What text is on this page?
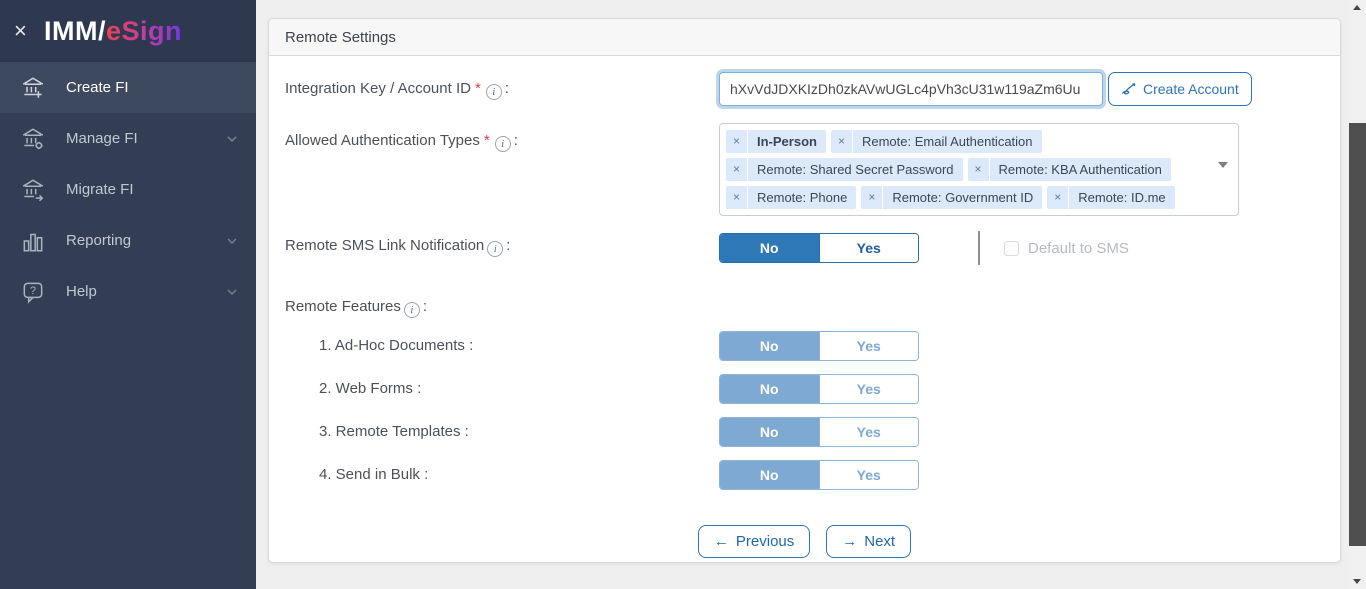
× IMM/eSign
Create FI
Manage FI
Migrate FI
Reporting
? Help
Remote Settings
Integration Key / Account ID * i :
hXvVdJDXKIzDh0zkAVwUGLc4pVh3cU31w119aZm6Uu	Create Account
Allowed Authentication Types * i :	×	In-Person	×	Remote: Email Authentication
×	Remote: Shared Secret Password	×	Remote: KBA Authentication
×	Remote: Phone	×	Remote: Government ID	×	Remote: ID.me
Remote SMS Link Notification i :	No	Yes	Default to SMS
Remote Features i :
1. Ad-Hoc Documents :	No	Yes
2. Web Forms :	No	Yes
3. Remote Templates :	No	Yes
4. Send in Bulk :	No	Yes
← Previous	→ Next
